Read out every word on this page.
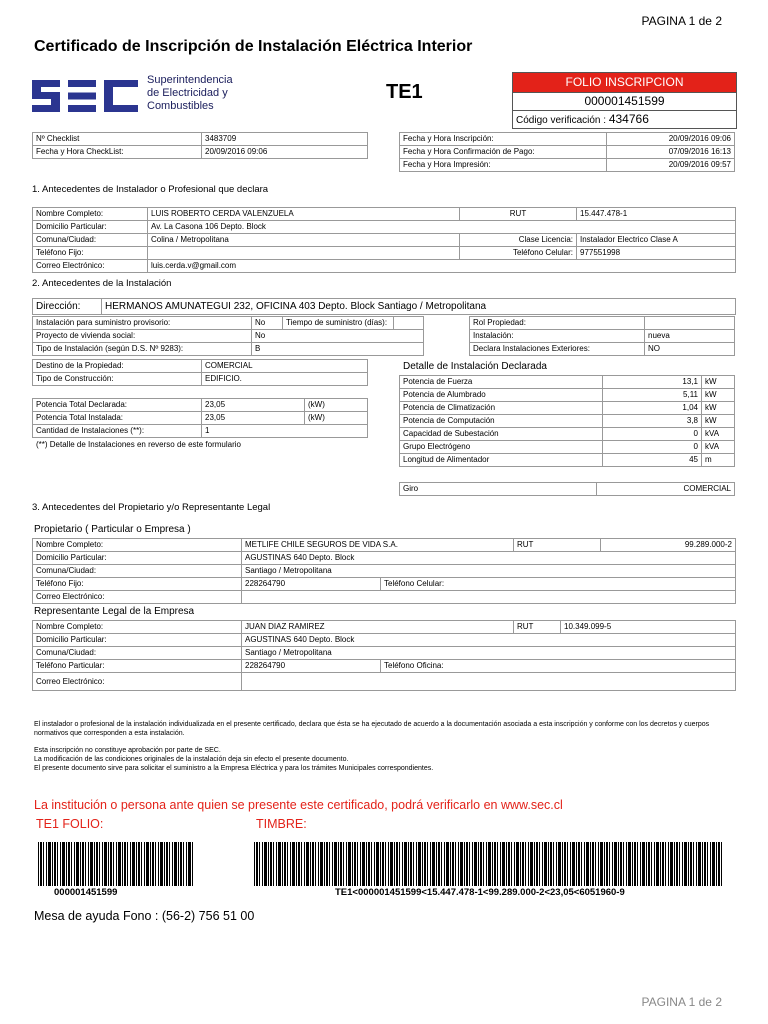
PAGINA 1 de 2
Certificado de Inscripción de Instalación Eléctrica Interior
Superintendencia
de Electricidad y
Combustibles
TE1	FOLIO INSCRIPCION
000001451599
Código verificación : 434766
Nº Checklist	3483709
Fecha y Hora CheckList:	20/09/2016 09:06
Fecha y Hora Inscripción:	20/09/2016 09:06
Fecha y Hora Confirmación de Pago:	07/09/2016 16:13
Fecha y Hora Impresión:	20/09/2016 09:57
1. Antecedentes de Instalador o Profesional que declara
Nombre Completo:	LUIS ROBERTO CERDA VALENZUELA	RUT	15.447.478-1
Domicilio Particular:	Av. La Casona 106 Depto. Block		
Comuna/Ciudad:	Colina / Metropolitana	Clase Licencia:	Instalador Electrico Clase A
Teléfono Fijo:		Teléfono Celular:	977551998
Correo Electrónico:	luis.cerda.v@gmail.com		
2. Antecedentes de la Instalación
Dirección:	HERMANOS AMUNATEGUI 232, OFICINA 403 Depto. Block Santiago / Metropolitana
Instalación para suministro provisorio:	No	Tiempo de suministro (días):	
Proyecto de vivienda social:	No		
Tipo de Instalación (según D.S. Nº 9283):	B		
Rol Propiedad:	
Instalación:	nueva
Declara Instalaciones Exteriores:	NO
Destino de la Propiedad:	COMERCIAL
Tipo de Construcción:	EDIFICIO.
Potencia Total Declarada:	23,05	(kW)
Potencia Total Instalada:	23,05	(kW)
Cantidad de Instalaciones (**):	1	
(**) Detalle de Instalaciones en reverso de este formulario
Detalle de Instalación Declarada
Potencia de Fuerza	13,1	kW
Potencia de Alumbrado	5,11	kW
Potencia de Climatización	1,04	kW
Potencia de Computación	3,8	kW
Capacidad de Subestación	0	kVA
Grupo Electrógeno	0	kVA
Longitud de Alimentador	45	m
Giro	COMERCIAL
3. Antecedentes del Propietario y/o Representante Legal
Propietario ( Particular o Empresa )
Nombre Completo:	METLIFE CHILE SEGUROS DE VIDA S.A.		RUT	99.289.000-2
Domicilio Particular:	AGUSTINAS 640 Depto. Block			
Comuna/Ciudad:	Santiago / Metropolitana			
Teléfono Fijo:	228264790	Teléfono Celular:		
Correo Electrónico:				
Representante Legal de la Empresa
Nombre Completo:	JUAN DIAZ RAMIREZ		RUT	10.349.099-5
Domicilio Particular:	AGUSTINAS 640 Depto. Block			
Comuna/Ciudad:	Santiago / Metropolitana			
Teléfono Particular:	228264790	Teléfono Oficina:		
Correo Electrónico:				
El instalador o profesional de la instalación individualizada en el presente certificado, declara que ésta se ha ejecutado de acuerdo a la documentación asociada a esta inscripción y conforme con los decretos y cuerpos normativos que corresponden a esta instalación.
Esta inscripción no constituye aprobación por parte de SEC.
La modificación de las condiciones originales de la instalación deja sin efecto el presente documento.
El presente documento sirve para solicitar el suministro a la Empresa Eléctrica y para los trámites Municipales correspondientes.
La institución o persona ante quien se presente este certificado, podrá verificarlo en www.sec.cl
TE1 FOLIO:	TIMBRE:
000001451599	TE1<000001451599<15.447.478-1<99.289.000-2<23,05<6051960-9
Mesa de ayuda Fono : (56-2) 756 51 00
PAGINA 1 de 2
